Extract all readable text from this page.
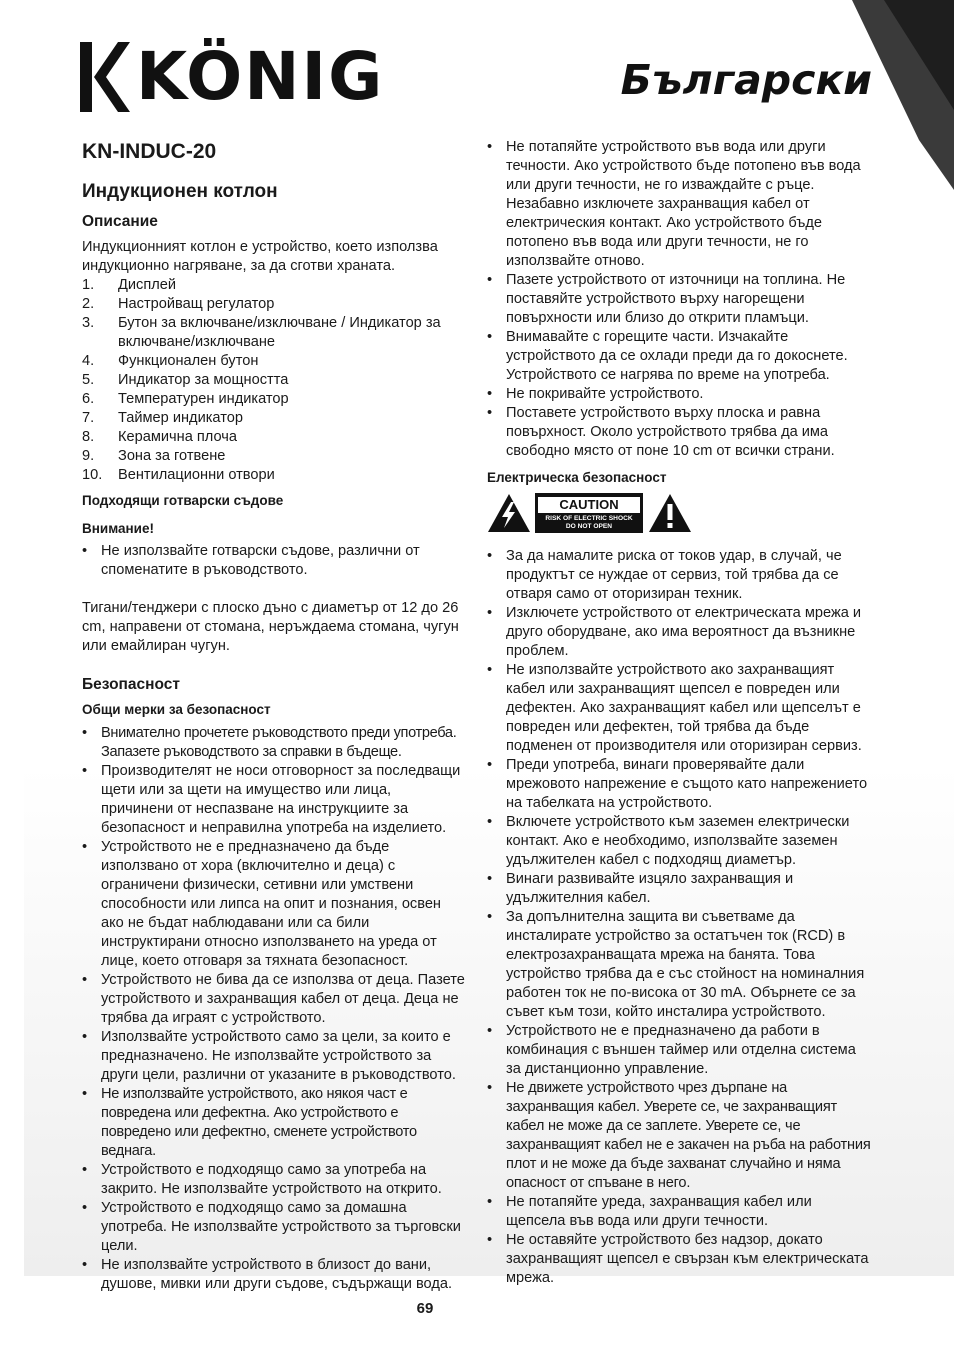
KÖNIG	Български
KN-INDUC-20
Индукционен котлон
Описание

Индукционният котлон е устройство, което използва индукционно нагряване, за да сготви храната.

1. Дисплей
2. Настройващ регулатор
3. Бутон за включване/изключване / Индикатор за включване/изключване
4. Функционален бутон
5. Индикатор за мощността
6. Температурен индикатор
7. Таймер индикатор
8. Керамична плоча
9. Зона за готвене
10. Вентилационни отвори
Подходящи готварски съдове
Внимание!
• Не използвайте готварски съдове, различни от споменатите в ръководството.

Тигани/тенджери с плоско дъно с диаметър от 12 до 26 cm, направени от стомана, неръждаема стомана, чугун или емайлиран чугун.

Безопасност
Общи мерки за безопасност
• Внимателно прочетете ръководството преди употреба. Запазете ръководството за справки в бъдеще.
• Производителят не носи отговорност за последващи щети или за щети на имущество или лица, причинени от неспазване на инструкциите за безопасност и неправилна употреба на изделието.
• Устройството не е предназначено да бъде използвано от хора (включително и деца) с ограничени физически, сетивни или умствени способности или липса на опит и познания, освен ако не бъдат наблюдавани или са били инструктирани относно използването на уреда от лице, което отговаря за тяхната безопасност.
• Устройството не бива да се използва от деца. Пазете устройството и захранващия кабел от деца. Деца не трябва да играят с устройството.
• Използвайте устройството само за цели, за които е предназначено. Не използвайте устройството за други цели, различни от указаните в ръководството.
• Не използвайте устройството, ако някоя част е повредена или дефектна. Ако устройството е повредено или дефектно, сменете устройството веднага.
• Устройството е подходящо само за употреба на закрито. Не използвайте устройството на открито.
• Устройството е подходящо само за домашна употреба. Не използвайте устройството за търговски цели.
• Не използвайте устройството в близост до вани, душове, мивки или други съдове, съдържащи вода.
• Не потапяйте устройството във вода или други течности. Ако устройството бъде потопено във вода или други течности, не го изваждайте с ръце. Незабавно изключете захранващия кабел от електрическия контакт. Ако устройството бъде потопено във вода или други течности, не го използвайте отново.
• Пазете устройството от източници на топлина. Не поставяйте устройството върху нагорещени повърхности или близо до открити пламъци.
• Внимавайте с горещите части. Изчакайте устройството да се охлади преди да го докоснете. Устройството се нагрява по време на употреба.
• Не покривайте устройството.
• Поставете устройството върху плоска и равна повърхност. Около устройството трябва да има свободно място от поне 10 cm от всички страни.
Електрическа безопасност
CAUTION
RISK OF ELECTRIC SHOCK
DO NOT OPEN
• За да намалите риска от токов удар, в случай, че продуктът се нуждае от сервиз, той трябва да се отваря само от оторизиран техник.
• Изключете устройството от електрическата мрежа и друго оборудване, ако има вероятност да възникне проблем.
• Не използвайте устройството ако захранващият кабел или захранващият щепсел е повреден или дефектен. Ако захранващият кабел или щепселът е повреден или дефектен, той трябва да бъде подменен от производителя или оторизиран сервиз.
• Преди употреба, винаги проверявайте дали мрежовото напрежение е същото като напрежението на табелката на устройството.
• Включете устройството към заземен електрически контакт. Ако е необходимо, използвайте заземен удължителен кабел с подходящ диаметър.
• Винаги развивайте изцяло захранващия и удължителния кабел.
• За допълнителна защита ви съветваме да инсталирате устройство за остатъчен ток (RCD) в електрозахранващата мрежа на банята. Това устройство трябва да е със стойност на номиналния работен ток не по-висока от 30 mA. Обърнете се за съвет към този, който инсталира устройството.
• Устройството не е предназначено да работи в комбинация с външен таймер или отделна система за дистанционно управление.
• Не движете устройството чрез дърпане на захранващия кабел. Уверете се, че захранващият кабел не може да се заплете. Уверете се, че захранващият кабел не е закачен на ръба на работния плот и не може да бъде захванат случайно и няма опасност от спъване в него.
• Не потапяйте уреда, захранващия кабел или щепсела във вода или други течности.
• Не оставяйте устройството без надзор, докато захранващият щепсел е свързан към електрическата мрежа.
69
